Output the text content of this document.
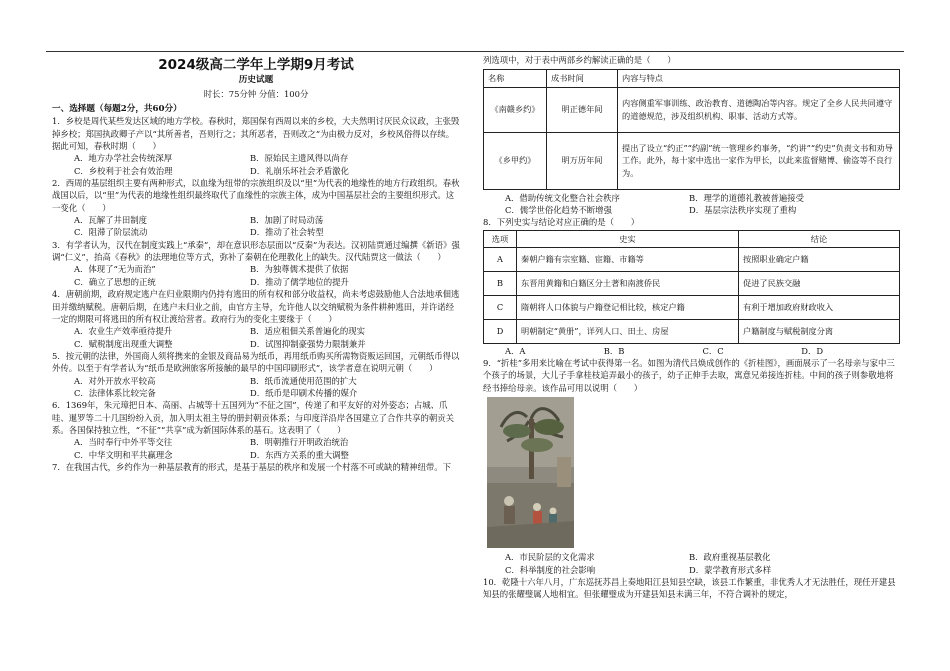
2024级高二学年上学期9月考试
历史试题
时长：75分钟 分值：100分
一、选择题（每题2分，共60分）

1．乡校是周代某些发达区域的地方学校。春秋时，郑国保有西周以来的乡校，大夫然明讨厌民众议政，主张毁掉乡校；郑国执政卿子产以“其所善者，吾则行之；其所恶者，吾则改之”为由极力反对，乡校风俗得以存续。据此可知，春秋时期（　　）

A．地方办学社会传统深厚	B．原始民主遗风得以尚存
C．乡校利于社会有效治理	D．礼崩乐坏社会矛盾激化

2．西周的基层组织主要有两种形式，以血缘为纽带的宗族组织及以“里”为代表的地缘性的地方行政组织。春秋战国以后，以“里”为代表的地缘性组织最终取代了血缘性的宗族主体，成为中国基层社会的主要组织形式。这一变化（　　）

A．瓦解了井田制度	B．加剧了时局动荡
C．阻滞了阶层流动	D．推动了社会转型

3．有学者认为，汉代在制度实践上“承秦”，却在意识形态层面以“反秦”为表达。汉初陆贾通过编撰《新语》强调“仁义”，抬高《春秋》的法理地位等方式，弥补了秦朝在伦理教化上的缺失。汉代陆贾这一做法（　　）

A．体现了“无为而治”	B．为独尊儒术提供了依据
C．确立了思想的正统	D．推动了儒学地位的提升

4．唐朝前期，政府规定逃户在归业限期内仍持有逃田的所有权和部分收益权，尚未考虑鼓励他人合法地承佃逃田并缴纳赋税。唐朝后期，在逃户未归业之前，由官方主导，允许他人以交纳赋税为条件耕种逃田，并许诺经一定的期限可将逃田的所有权让渡给营者。政府行为的变化主要缘于（　　）

A．农业生产效率亟待提升	B．适应租佃关系普遍化的现实
C．赋税制度出现重大调整	D．试图抑制豪强势力限制兼并

5．按元朝的法律，外国商人须将携来的金银及商品易为纸币，再用纸币购买所需物资贩运回国，元朝纸币得以外传。以至于有学者认为“纸币是欧洲旅客所接触的最早的中国印刷形式”，该学者意在说明元朝（　　）

A．对外开放水平较高	B．纸币流通使用范围的扩大
C．法律体系比较完备	D．纸币是印刷术传播的媒介

6．1369年，朱元璋把日本、高丽、占城等十五国列为“不征之国”，传递了和平友好的对外姿态；占城、爪哇、暹罗等二十几国纷纷入贡，加入明太祖主导的册封朝贡体系；与印度洋沿岸各国建立了合作共享的朝贡关系。各国保持独立性，“不征”“共享”成为新国际体系的基石。这表明了（　　）

A．当时奉行中外平等交往	B．明朝推行开明政治统治
C．中华文明和平共赢理念	D．东西方关系的重大调整

7．在我国古代，乡约作为一种基层教育的形式，是基于基层的秩序和发展一个村落不可或缺的精神纽带。下

列选项中，对于表中两部乡约解读正确的是（　　）
名称	成书时间	内容与特点
《南赣乡约》	明正德年间	内容侧重军事训练、政治教育、道德陶冶等内容。规定了全乡人民共同遵守的道德规范，涉及组织机构、职事、活动方式等。
《乡甲约》	明万历年间	提出了设立“约正”“约副”统一管理乡约事务，“约讲”“约史”负责文书和劝导工作。此外，每十家中选出一家作为甲长，以此来监督赌博、偷盗等不良行为。
A．借助传统文化整合社会秩序	B．理学的道德礼教被普遍接受
C．儒学世俗化趋势不断增强	D．基层宗法秩序实现了重构
8．下列史实与结论对应正确的是（　　）
选项	史实	结论
A	秦朝户籍有宗室籍、宦籍、市籍等	按照职业确定户籍
B	东晋用黄籍和白籍区分土著和南渡侨民	促进了民族交融
C	隋朝将人口体貌与户籍登记相比较，核定户籍	有利于增加政府财政收入
D	明朝制定“黄册”，详列人口、田土、房屋	户籍制度与赋税制度分离
A．A	B．B	C．C	D．D
9．“折桂”多用来比喻在考试中获得第一名。如图为清代吕焕成创作的《折桂图》，画面展示了一名母亲与家中三个孩子的场景，大儿子手拿桂枝追弄最小的孩子，幼子正伸手去取，寓意兄弟接连折桂。中间的孩子则参敬地将经书捧给母亲。该作品可用以说明（　　）
A．市民阶层的文化需求	B．政府重视基层教化
C．科举制度的社会影响	D．蒙学教育形式多样
10．乾隆十六年八月，广东巡抚苏昌上奏地阳江县知县空缺，该县工作繁重，非优秀人才无法胜任，现任开建县知县的张耀璧属人地相宜。但张耀璧成为开建县知县未满三年，不符合调补的规定，
